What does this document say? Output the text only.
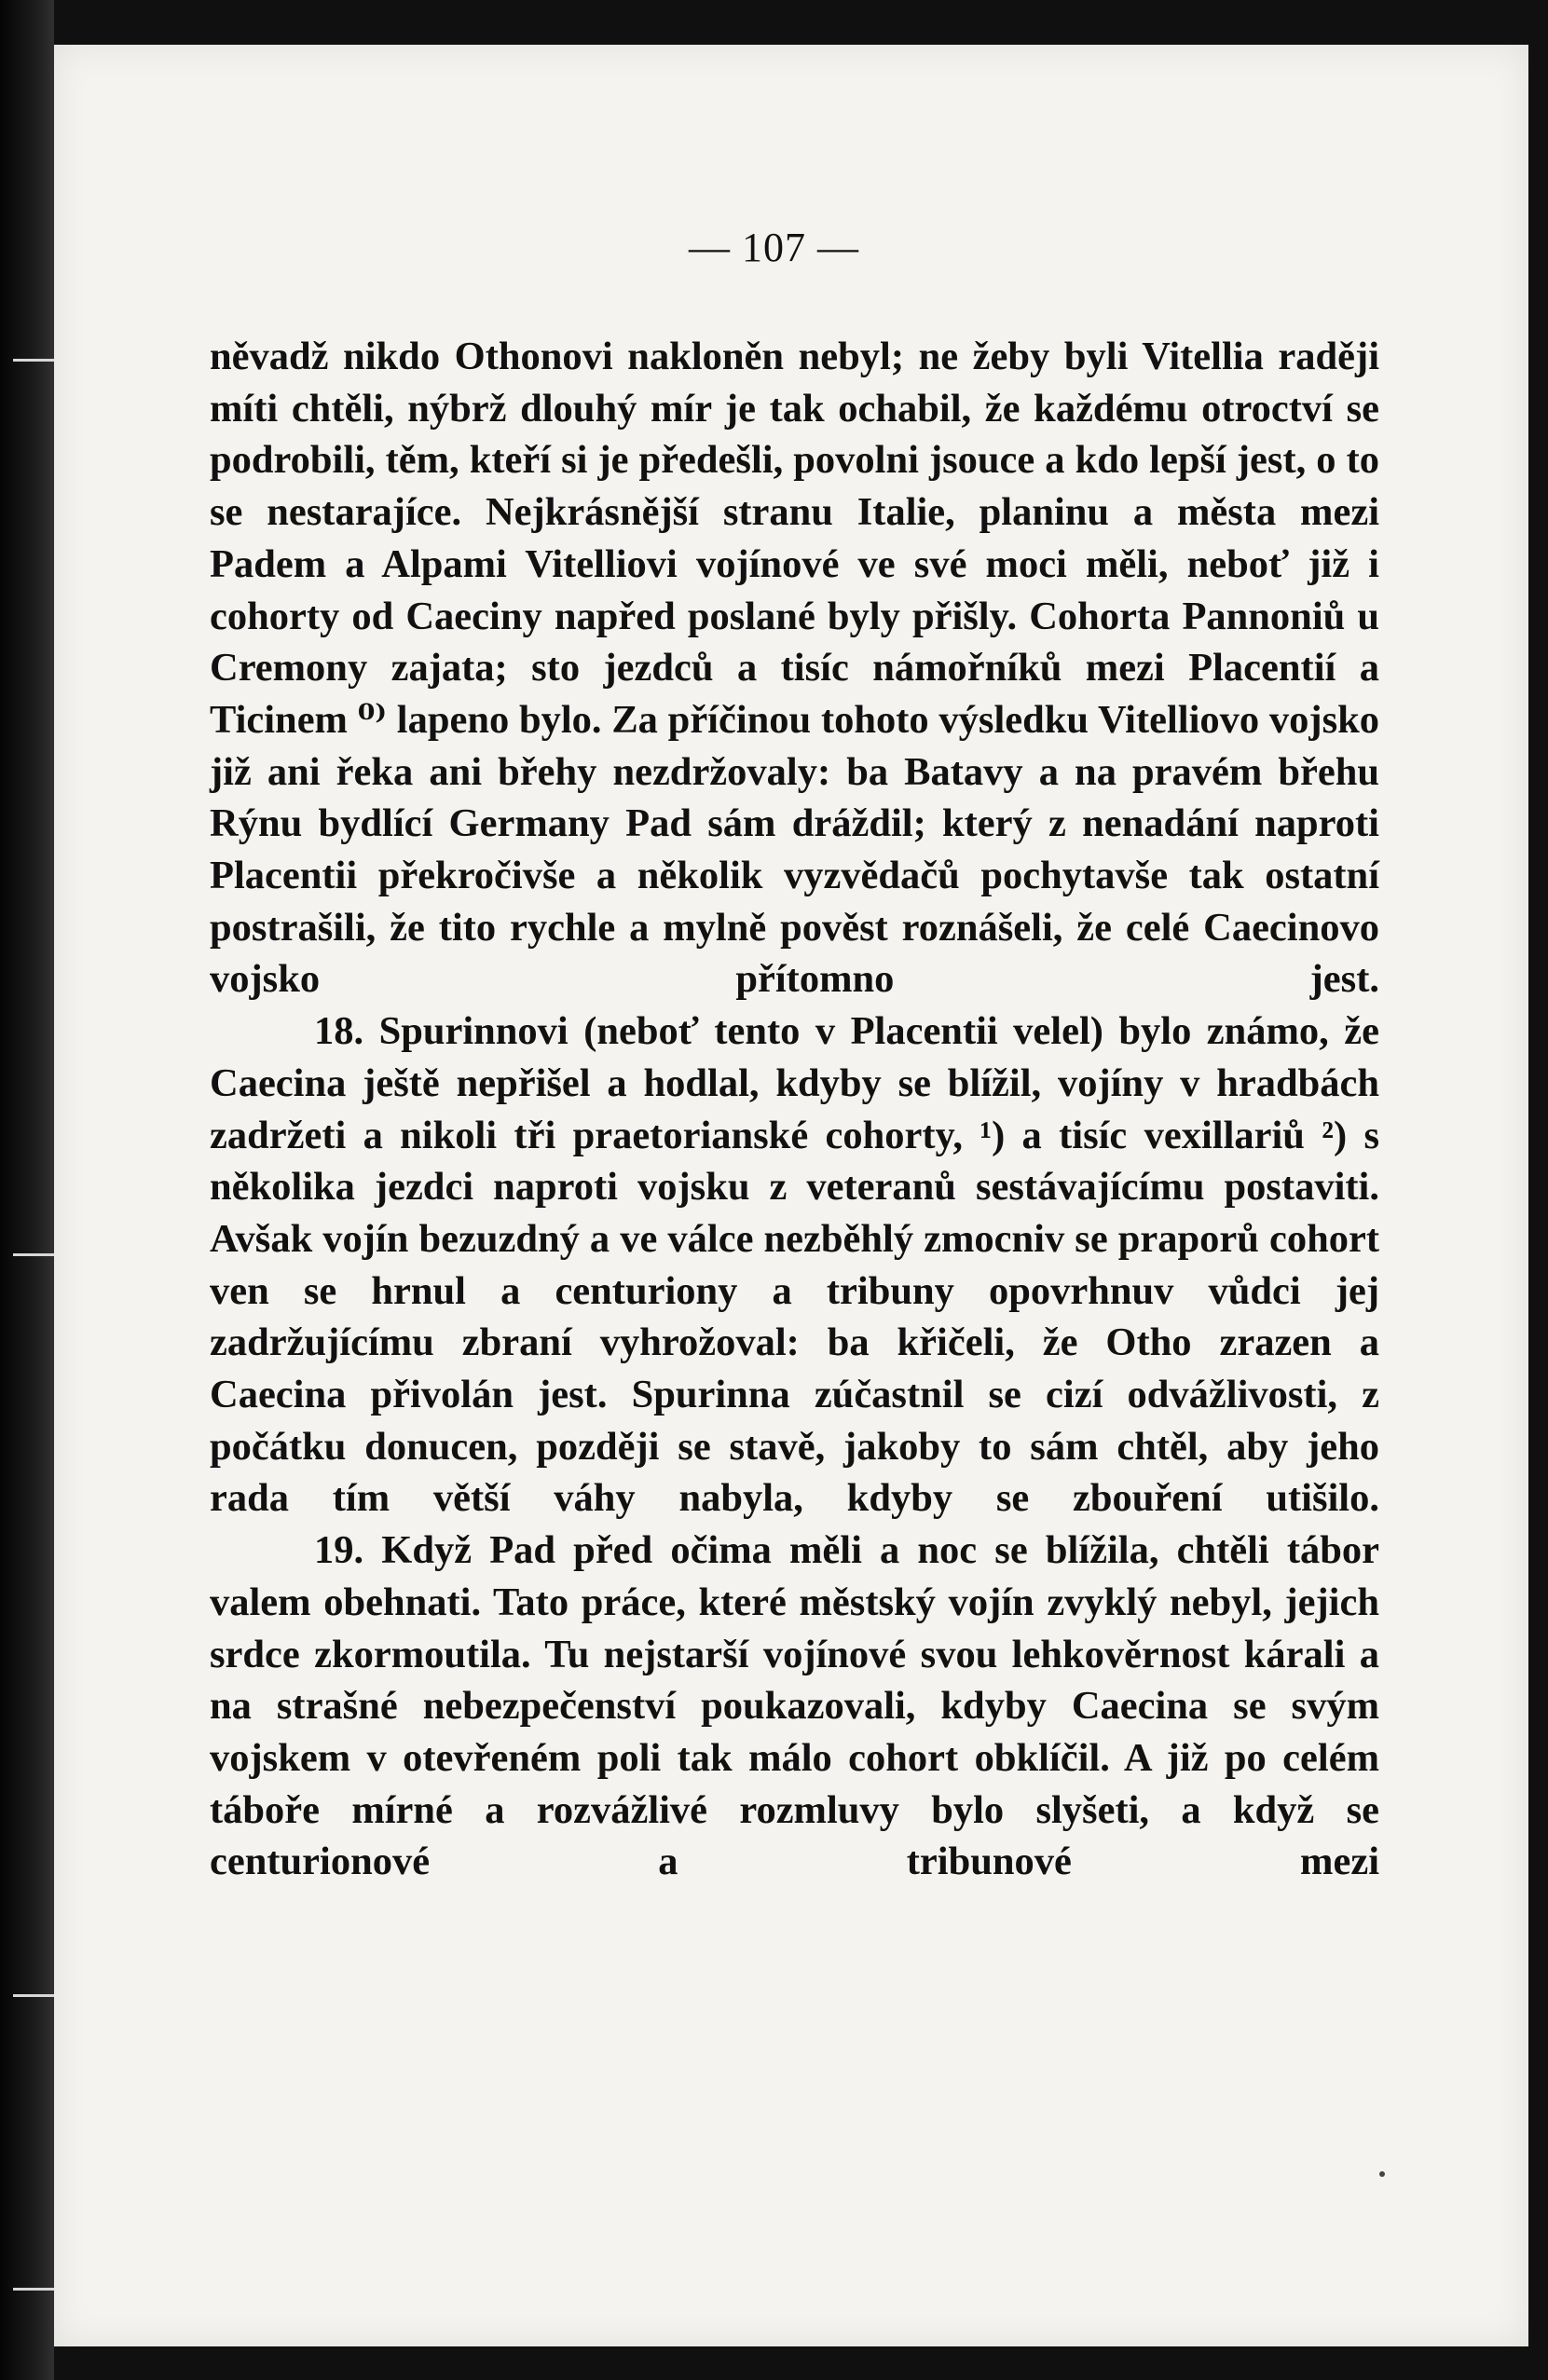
— 107 —

něvadž nikdo Othonovi nakloněn nebyl; ne žeby byli Vitellia raději míti chtěli, nýbrž dlouhý mír je tak ochabil, že každému otroctví se podrobili, těm, kteří si je předešli, povolni jsouce a kdo lepší jest, o to se nestarajíce. Nejkrásnější stranu Italie, planinu a města mezi Padem a Alpami Vitelliovi vojínové ve své moci měli, neboť již i cohorty od Caeciny napřed poslané byly přišly. Cohorta Pannoniů u Cremony zajata; sto jezdců a tisíc námořníků mezi Placentií a Ticinem ⁰⁾ lapeno bylo. Za příčinou tohoto výsledku Vitelliovo vojsko již ani řeka ani břehy nezdržovaly: ba Batavy a na pravém břehu Rýnu bydlící Germany Pad sám dráždil; který z nenadání naproti Placentii překročivše a několik vyzvědačů pochytavše tak ostatní postrašili, že tito rychle a mylně pověst roznášeli, že celé Caecinovo vojsko přítomno jest.

18. Spurinnovi (neboť tento v Placentii velel) bylo známo, že Caecina ještě nepřišel a hodlal, kdyby se blížil, vojíny v hradbách zadržeti a nikoli tři praetorianské cohorty, ¹) a tisíc vexillariů ²) s několika jezdci naproti vojsku z veteranů sestávajícímu postaviti. Avšak vojín bezuzdný a ve válce nezběhlý zmocniv se praporů cohort ven se hrnul a centuriony a tribuny opovrhnuv vůdci jej zadržujícímu zbraní vyhrožoval: ba křičeli, že Otho zrazen a Caecina přivolán jest. Spurinna zúčastnil se cizí odvážlivosti, z počátku donucen, později se stavě, jakoby to sám chtěl, aby jeho rada tím větší váhy nabyla, kdyby se zbouření utišilo.

19. Když Pad před očima měli a noc se blížila, chtěli tábor valem obehnati. Tato práce, které městský vojín zvyklý nebyl, jejich srdce zkormoutila. Tu nejstarší vojínové svou lehkověrnost kárali a na strašné nebezpečenství poukazovali, kdyby Caecina se svým vojskem v otevřeném poli tak málo cohort obklíčil. A již po celém táboře mírné a rozvážlivé rozmluvy bylo slyšeti, a když se centurionové a tribunové mezi
